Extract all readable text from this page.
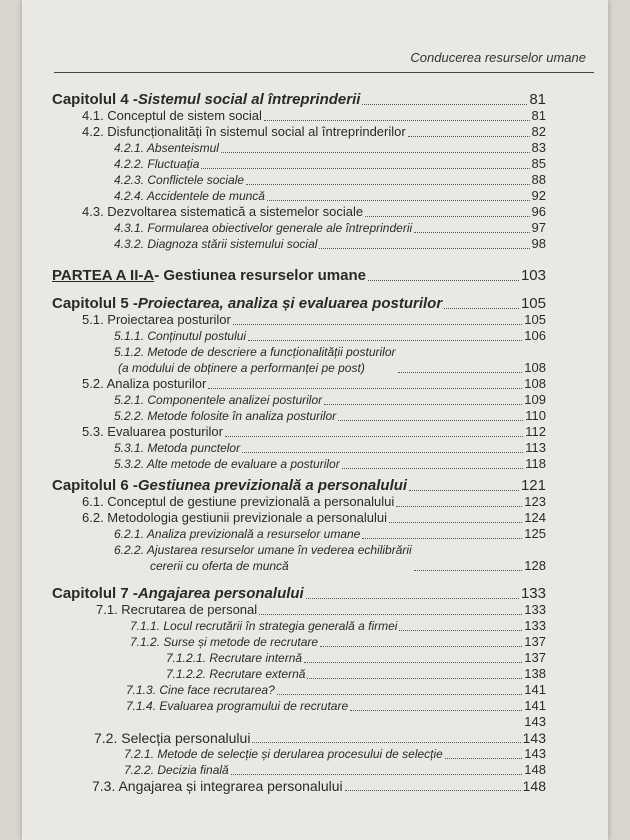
Conducerea resurselor umane
Capitolul 4 - Sistemul social al întreprinderii	81
4.1. Conceptul de sistem social	81
4.2. Disfuncționalități în sistemul social al întreprinderilor	82
4.2.1. Absenteismul	83
4.2.2. Fluctuația	85
4.2.3. Conflictele sociale	88
4.2.4. Accidentele de muncă	92
4.3. Dezvoltarea sistematică a sistemelor sociale	96
4.3.1. Formularea obiectivelor generale ale întreprinderii	97
4.3.2. Diagnoza stării sistemului social	98
PARTEA A II-A - Gestiunea resurselor umane	103
Capitolul 5 - Proiectarea, analiza și evaluarea posturilor	105
5.1. Proiectarea posturilor	105
5.1.1. Conținutul postului	106
5.1.2. Metode de descriere a funcționalității posturilor
(a modului de obținere a performanței pe post)	108
5.2. Analiza posturilor	108
5.2.1. Componentele analizei posturilor	109
5.2.2. Metode folosite în analiza posturilor	110
5.3. Evaluarea posturilor	112
5.3.1. Metoda punctelor	113
5.3.2. Alte metode de evaluare a posturilor	118
Capitolul 6 - Gestiunea previzională a personalului	121
6.1. Conceptul de gestiune previzională a personalului	123
6.2. Metodologia gestiunii previzionale a personalului	124
6.2.1. Analiza previzională a resurselor umane	125
6.2.2. Ajustarea resurselor umane în vederea echilibrării
cererii cu oferta de muncă	128
Capitolul 7 - Angajarea personalului	133
7.1. Recrutarea de personal	133
7.1.1. Locul recrutării în strategia generală a firmei	133
7.1.2. Surse și metode de recrutare	137
7.1.2.1. Recrutare internă	137
7.1.2.2. Recrutare externă	138
7.1.3. Cine face recrutarea?	141
7.1.4. Evaluarea programului de recrutare	141
143
7.2. Selecția personalului	143
7.2.1. Metode de selecție și derularea procesului de selecție	143
7.2.2. Decizia finală	148
7.3. Angajarea și integrarea personalului	148
